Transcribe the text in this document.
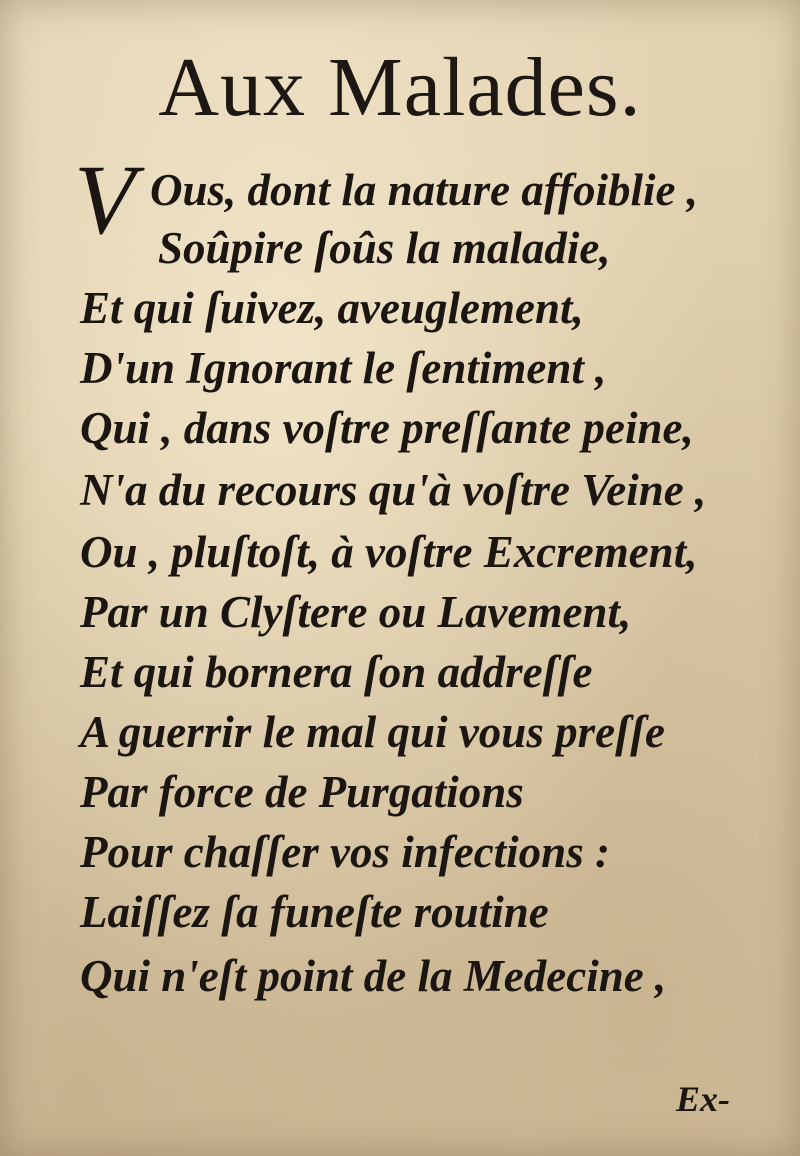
Aux Malades.
V Ous, dont la nature affoiblie ,
Soûpire ſoûs la maladie,
Et qui ſuivez, aveuglement,
D'un Ignorant le ſentiment ,
Qui , dans voſtre preſſante peine,
N'a du recours qu'à voſtre Veine ,
Ou , pluſtoſt, à voſtre Excrement,
Par un Clyſtere ou Lavement,
Et qui bornera ſon addreſſe
A guerrir le mal qui vous preſſe
Par force de Purgations
Pour chaſſer vos infections :
Laiſſez ſa funeſte routine
Qui n'eſt point de la Medecine ,
Ex-
